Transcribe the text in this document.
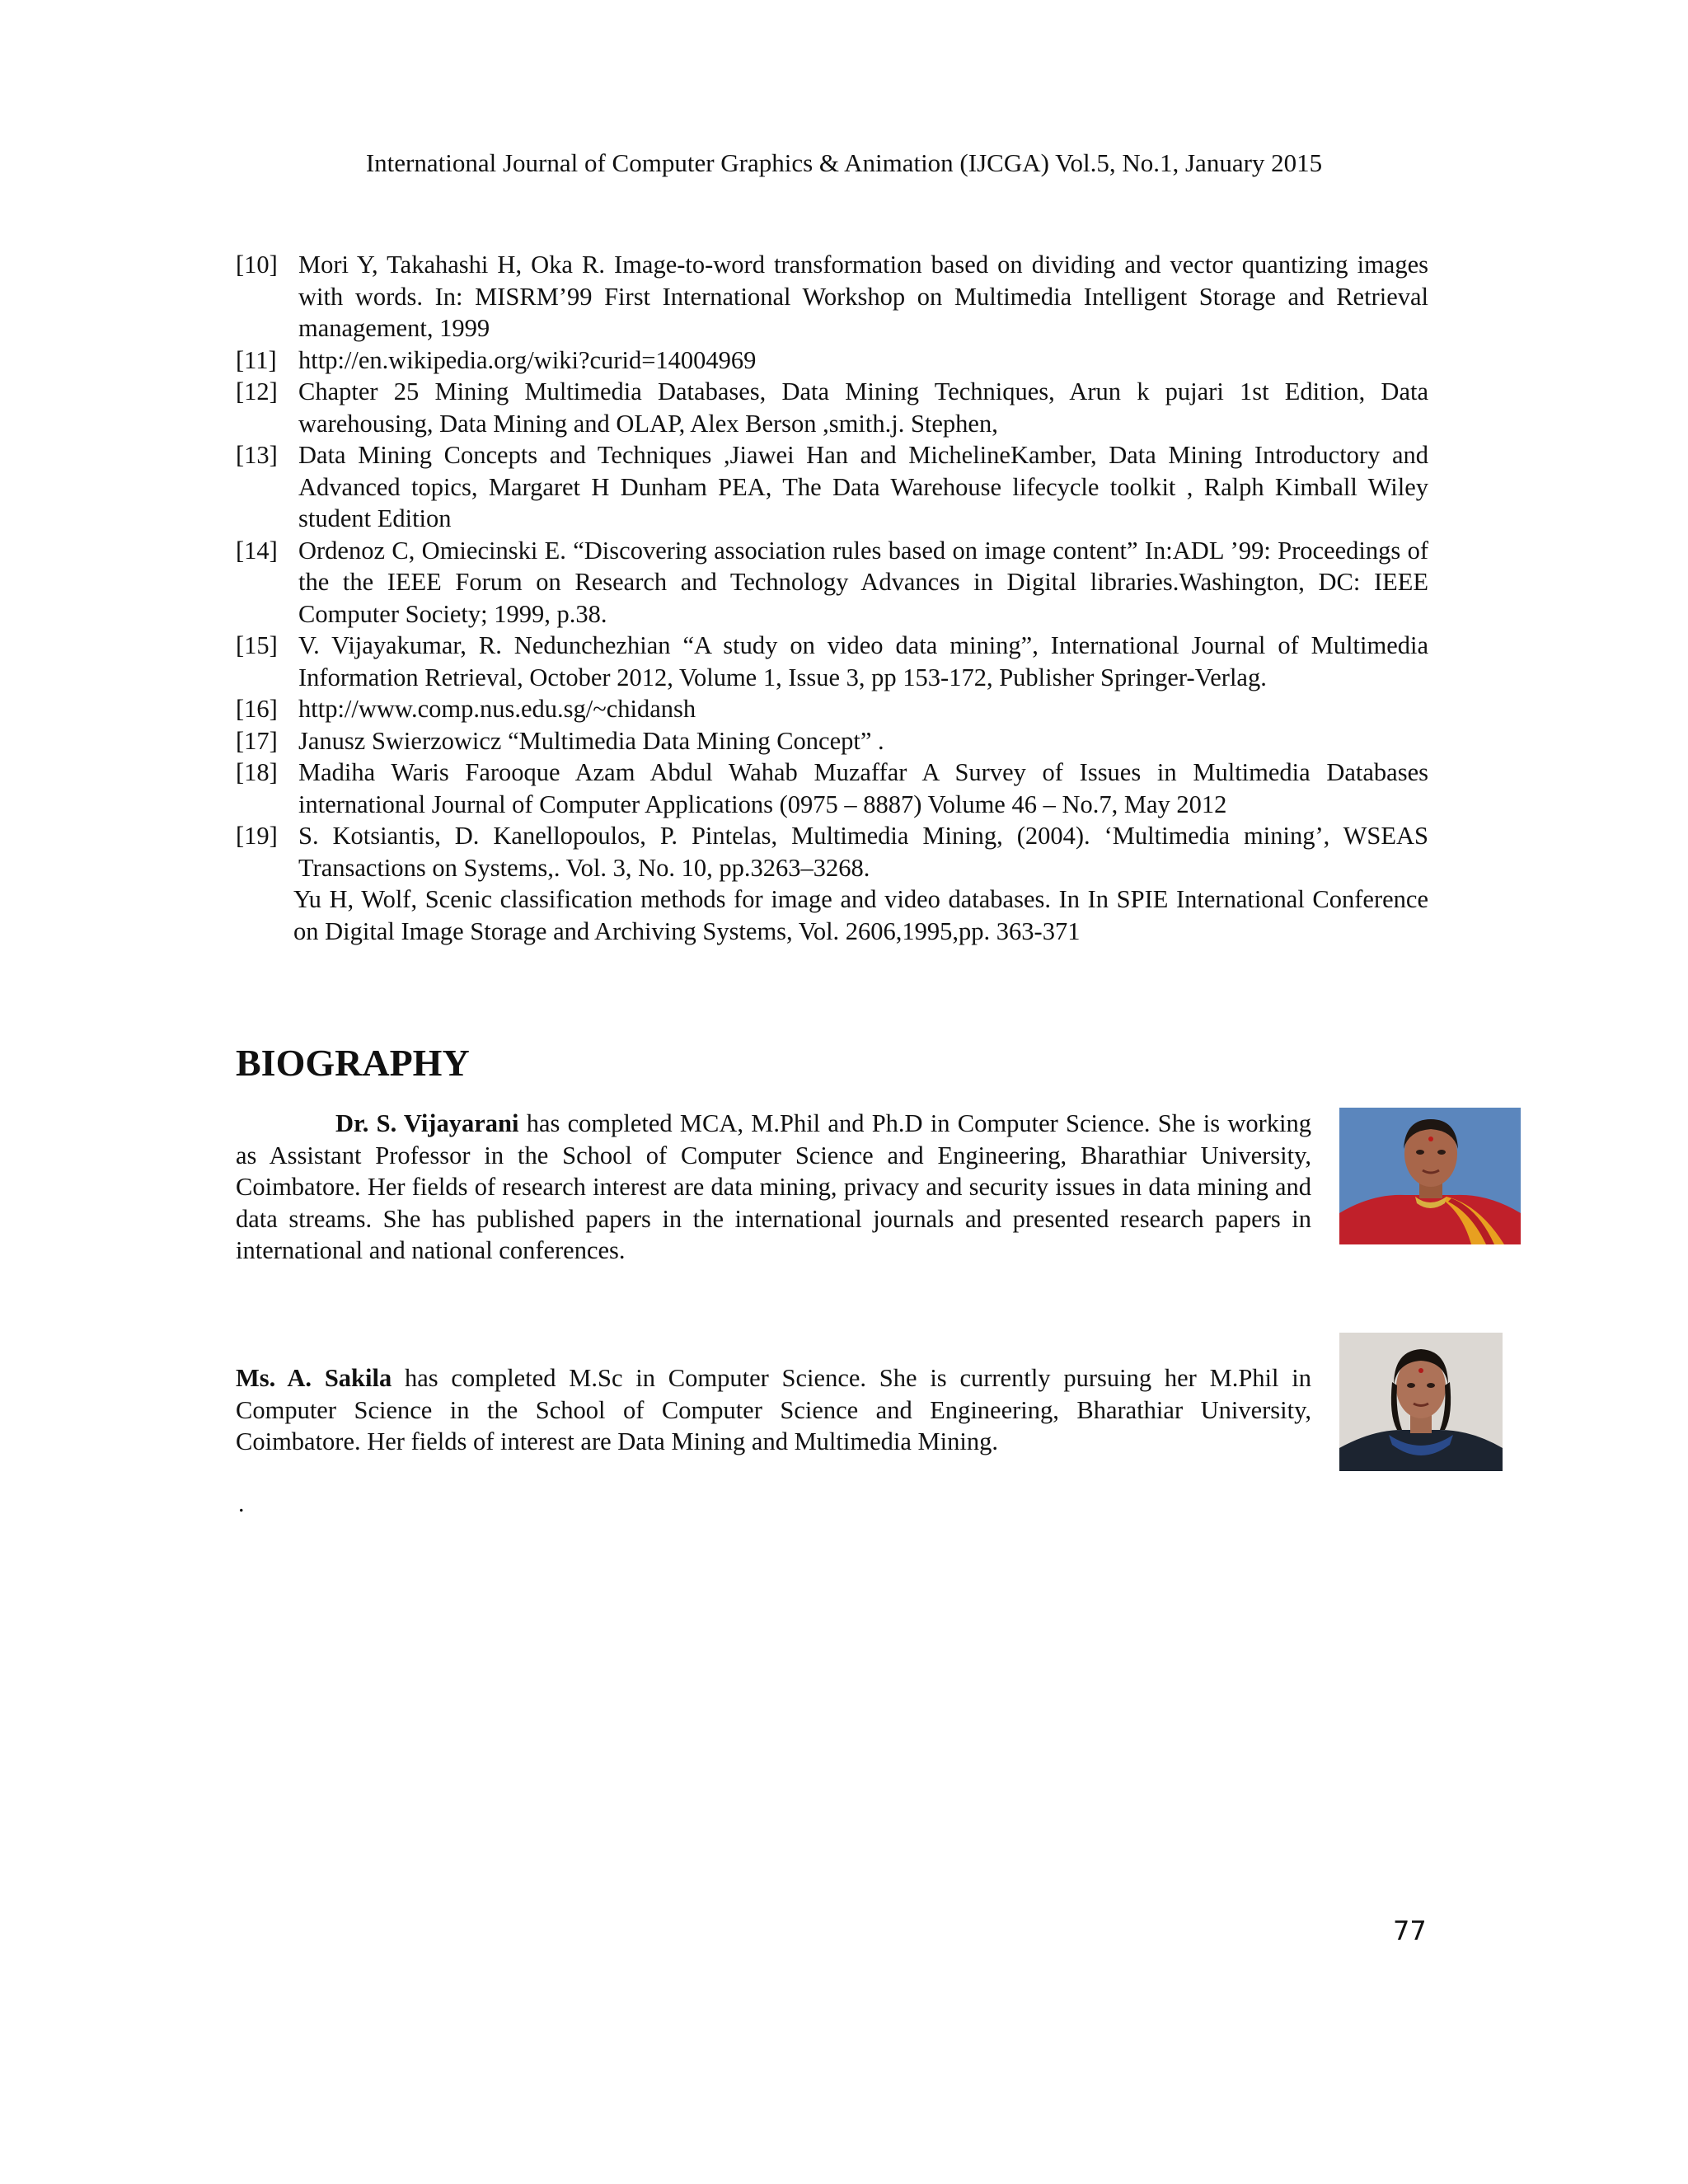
International Journal of Computer Graphics & Animation (IJCGA) Vol.5, No.1, January 2015
[10] Mori Y, Takahashi H, Oka R. Image-to-word transformation based on dividing and vector quantizing images with words. In: MISRM’99 First International Workshop on Multimedia Intelligent Storage and Retrieval management, 1999
[11] http://en.wikipedia.org/wiki?curid=14004969
[12] Chapter 25 Mining Multimedia Databases, Data Mining Techniques, Arun k pujari 1st Edition, Data warehousing, Data Mining and OLAP, Alex Berson ,smith.j. Stephen,
[13] Data Mining Concepts and Techniques ,Jiawei Han and MichelineKamber, Data Mining Introductory and Advanced topics, Margaret H Dunham PEA, The Data Warehouse lifecycle toolkit , Ralph Kimball Wiley student Edition
[14] Ordenoz C, Omiecinski E. “Discovering association rules based on image content” In:ADL ’99: Proceedings of the the IEEE Forum on Research and Technology Advances in Digital libraries.Washington, DC: IEEE Computer Society; 1999, p.38.
[15] V. Vijayakumar, R. Nedunchezhian “A study on video data mining”, International Journal of Multimedia Information Retrieval, October 2012, Volume 1, Issue 3, pp 153-172, Publisher Springer-Verlag.
[16] http://www.comp.nus.edu.sg/~chidansh
[17] Janusz Swierzowicz “Multimedia Data Mining Concept” .
[18] Madiha Waris Farooque Azam Abdul Wahab Muzaffar A Survey of Issues in Multimedia Databases international Journal of Computer Applications (0975 – 8887) Volume 46 – No.7, May 2012
[19] S. Kotsiantis, D. Kanellopoulos, P. Pintelas, Multimedia Mining, (2004). ‘Multimedia mining’, WSEAS Transactions on Systems,. Vol. 3, No. 10, pp.3263–3268.
Yu H, Wolf, Scenic classification methods for image and video databases. In In SPIE International Conference on Digital Image Storage and Archiving Systems, Vol. 2606,1995,pp. 363-371
BIOGRAPHY

Dr. S. Vijayarani has completed MCA, M.Phil and Ph.D in Computer Science. She is working as Assistant Professor in the School of Computer Science and Engineering, Bharathiar University, Coimbatore. Her fields of research interest are data mining, privacy and security issues in data mining and data streams. She has published papers in the international journals and presented research papers in international and national conferences.

Ms. A. Sakila has completed M.Sc in Computer Science. She is currently pursuing her M.Phil in Computer Science in the School of Computer Science and Engineering, Bharathiar University, Coimbatore. Her fields of interest are Data Mining and Multimedia Mining.

.
77
